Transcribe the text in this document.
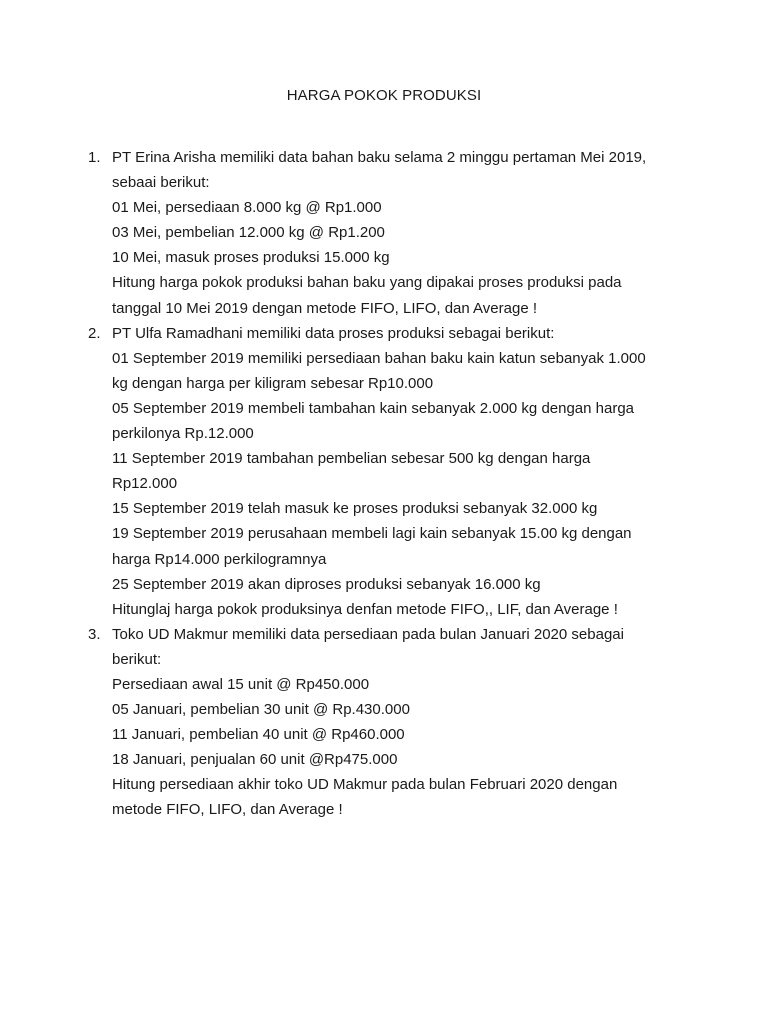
HARGA POKOK PRODUKSI
1. PT Erina Arisha memiliki data bahan baku selama 2 minggu pertaman Mei 2019,
sebaai berikut:
01 Mei, persediaan 8.000 kg @ Rp1.000
03 Mei, pembelian 12.000 kg @ Rp1.200
10 Mei, masuk proses produksi 15.000 kg
Hitung harga pokok produksi bahan baku yang dipakai proses produksi pada
tanggal 10 Mei 2019 dengan metode FIFO, LIFO, dan Average !
2. PT Ulfa Ramadhani memiliki data proses produksi sebagai berikut:
01 September 2019 memiliki persediaan bahan baku kain katun sebanyak 1.000
kg dengan harga per kiligram sebesar Rp10.000
05 September 2019 membeli tambahan kain sebanyak 2.000 kg dengan harga
perkilonya Rp.12.000
11 September 2019 tambahan pembelian sebesar 500 kg dengan harga
Rp12.000
15 September 2019 telah masuk ke proses produksi sebanyak 32.000 kg
19 September 2019 perusahaan membeli lagi kain sebanyak 15.00 kg dengan
harga Rp14.000 perkilogramnya
25 September 2019 akan diproses produksi sebanyak 16.000 kg
Hitunglaj harga pokok produksinya denfan metode FIFO,, LIF, dan Average !
3. Toko UD Makmur memiliki data persediaan pada bulan Januari 2020 sebagai
berikut:
Persediaan awal 15 unit @ Rp450.000
05 Januari, pembelian 30 unit @ Rp.430.000
11 Januari, pembelian 40 unit @ Rp460.000
18 Januari, penjualan 60 unit @Rp475.000
Hitung persediaan akhir toko UD Makmur pada bulan Februari 2020 dengan
metode FIFO, LIFO, dan Average !
